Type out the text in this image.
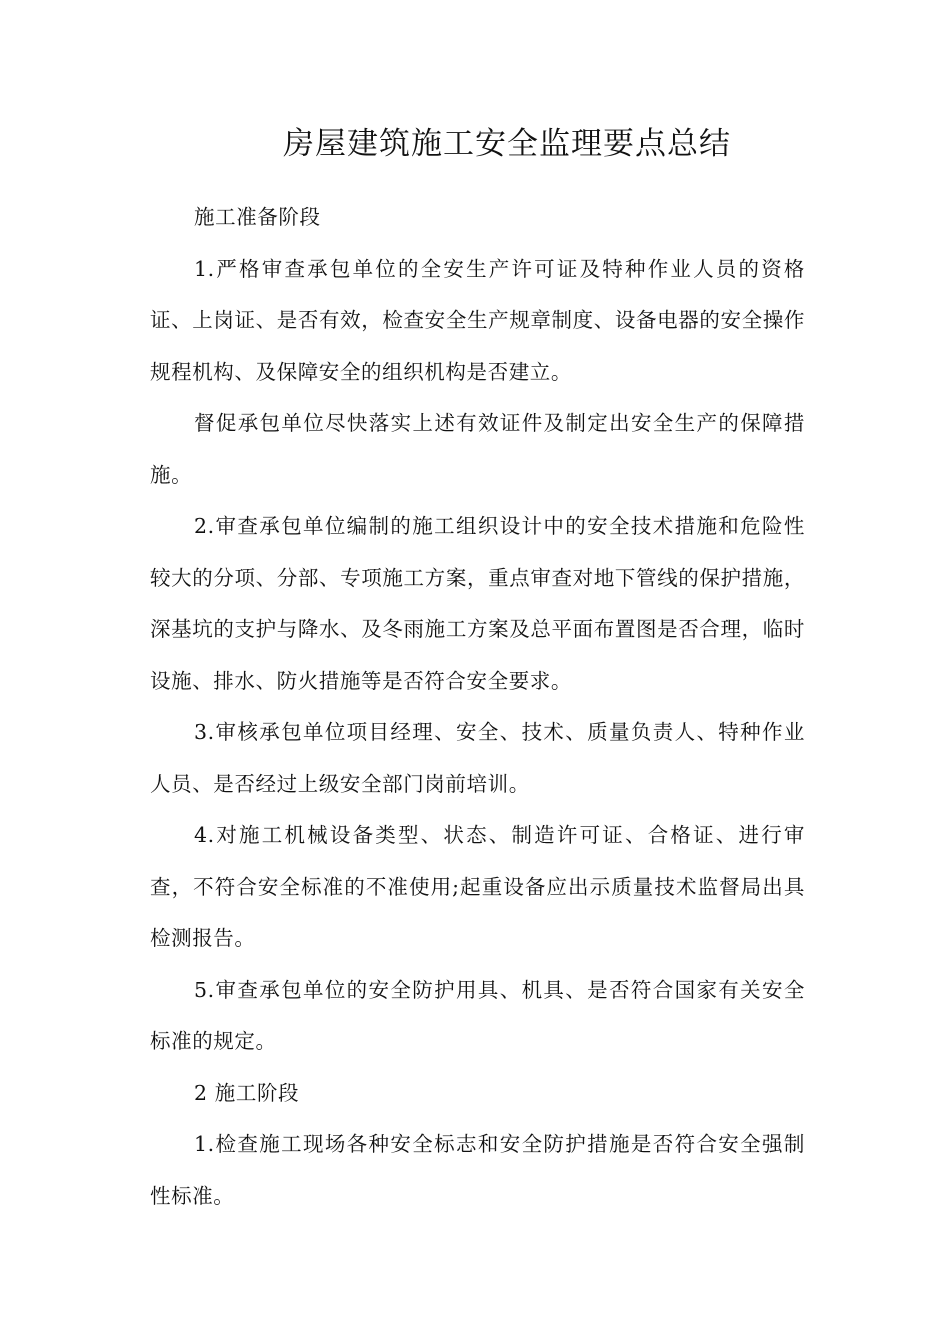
房屋建筑施工安全监理要点总结

施工准备阶段

1.严格审查承包单位的全安生产许可证及特种作业人员的资格证、上岗证、是否有效，检查安全生产规章制度、设备电器的安全操作规程机构、及保障安全的组织机构是否建立。

督促承包单位尽快落实上述有效证件及制定出安全生产的保障措施。

2.审查承包单位编制的施工组织设计中的安全技术措施和危险性较大的分项、分部、专项施工方案，重点审查对地下管线的保护措施，深基坑的支护与降水、及冬雨施工方案及总平面布置图是否合理，临时设施、排水、防火措施等是否符合安全要求。

3.审核承包单位项目经理、安全、技术、质量负责人、特种作业人员、是否经过上级安全部门岗前培训。

4.对施工机械设备类型、状态、制造许可证、合格证、进行审查，不符合安全标准的不准使用;起重设备应出示质量技术监督局出具检测报告。

5.审查承包单位的安全防护用具、机具、是否符合国家有关安全标准的规定。

2 施工阶段

1.检查施工现场各种安全标志和安全防护措施是否符合安全强制性标准。
